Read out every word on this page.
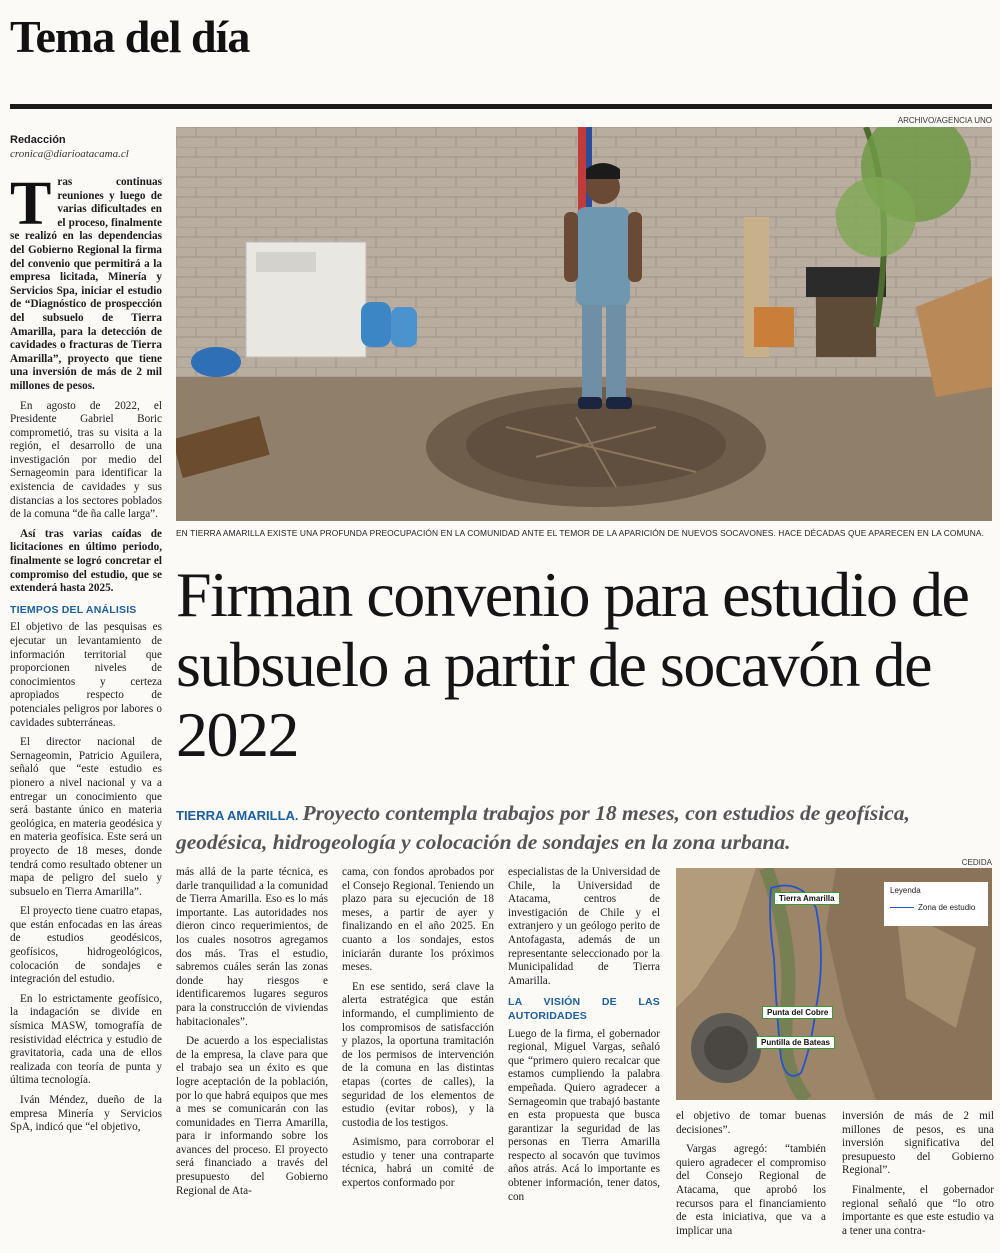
Tema del día
Redacción
cronica@diarioatacama.cl

Tras continuas reuniones y luego de varias dificultades en el proceso, finalmente se realizó en las dependencias del Gobierno Regional la firma del convenio que permitirá a la empresa licitada, Minería y Servicios Spa, iniciar el estudio de “Diagnóstico de prospección del subsuelo de Tierra Amarilla, para la detección de cavidades o fracturas de Tierra Amarilla”, proyecto que tiene una inversión de más de 2 mil millones de pesos.

En agosto de 2022, el Presidente Gabriel Boric comprometió, tras su visita a la región, el desarrollo de una investigación por medio del Sernageomin para identificar la existencia de cavidades y sus distancias a los sectores poblados de la comuna “de ña calle larga”.

Así tras varias caídas de licitaciones en último periodo, finalmente se logró concretar el compromiso del estudio, que se extenderá hasta 2025.

TIEMPOS DEL ANÁLISIS

El objetivo de las pesquisas es ejecutar un levantamiento de información territorial que proporcionen niveles de conocimientos y certeza apropiados respecto de potenciales peligros por labores o cavidades subterráneas.

El director nacional de Sernageomin, Patricio Aguilera, señaló que “este estudio es pionero a nivel nacional y va a entregar un conocimiento que será bastante único en materia geológica, en materia geodésica y en materia geofísica. Este será un proyecto de 18 meses, donde tendrá como resultado obtener un mapa de peligro del suelo y subsuelo en Tierra Amarilla”.

El proyecto tiene cuatro etapas, que están enfocadas en las áreas de estudios geodésicos, geofísicos, hidrogeológicos, colocación de sondajes e integración del estudio.

En lo estrictamente geofísico, la indagación se divide en sísmica MASW, tomografía de resistividad eléctrica y estudio de gravitatoria, cada una de ellos realizada con teoría de punta y última tecnología.

Iván Méndez, dueño de la empresa Minería y Servicios SpA, indicó que “el objetivo,

ARCHIVO/AGENCIA UNO
EN TIERRA AMARILLA EXISTE UNA PROFUNDA PREOCUPACIÓN EN LA COMUNIDAD ANTE EL TEMOR DE LA APARICIÓN DE NUEVOS SOCAVONES. HACE DÉCADAS QUE APARECEN EN LA COMUNA.
Firman convenio para estudio de subsuelo a partir de socavón de 2022
TIERRA AMARILLA. Proyecto contempla trabajos por 18 meses, con estudios de geofísica, geodésica, hidrogeología y colocación de sondajes en la zona urbana.

más allá de la parte técnica, es darle tranquilidad a la comunidad de Tierra Amarilla. Eso es lo más importante. Las autoridades nos dieron cinco requerimientos, de los cuales nosotros agregamos dos más. Tras el estudio, sabremos cuáles serán las zonas donde hay riesgos e identificaremos lugares seguros para la construcción de viviendas habitacionales”.

De acuerdo a los especialistas de la empresa, la clave para que el trabajo sea un éxito es que logre aceptación de la población, por lo que habrá equipos que mes a mes se comunicarán con las comunidades en Tierra Amarilla, para ir informando sobre los avances del proceso. El proyecto será financiado a través del presupuesto del Gobierno Regional de Ata-

cama, con fondos aprobados por el Consejo Regional. Teniendo un plazo para su ejecución de 18 meses, a partir de ayer y finalizando en el año 2025. En cuanto a los sondajes, estos iniciarán durante los próximos meses.

En ese sentido, será clave la alerta estratégica que están informando, el cumplimiento de los compromisos de satisfacción y plazos, la oportuna tramitación de los permisos de intervención de la comuna en las distintas etapas (cortes de calles), la seguridad de los elementos de estudio (evitar robos), y la custodia de los testigos.

Asimismo, para corroborar el estudio y tener una contraparte técnica, habrá un comité de expertos conformado por

especialistas de la Universidad de Chile, la Universidad de Atacama, centros de investigación de Chile y el extranjero y un geólogo perito de Antofagasta, además de un representante seleccionado por la Municipalidad de Tierra Amarilla.

LA VISIÓN DE LAS AUTORIDADES

Luego de la firma, el gobernador regional, Miguel Vargas, señaló que “primero quiero recalcar que estamos cumpliendo la palabra empeñada. Quiero agradecer a Sernageomin que trabajó bastante en esta propuesta que busca garantizar la seguridad de las personas en Tierra Amarilla respecto al socavón que tuvimos años atrás. Acá lo importante es obtener información, tener datos, con

CEDIDA
Leyenda
Zona de estudio
Tierra Amarilla
Punta del Cobre
Puntilla de Bateas

el objetivo de tomar buenas decisiones”.

Vargas agregó: “también quiero agradecer el compromiso del Consejo Regional de Atacama, que aprobó los recursos para el financiamiento de esta iniciativa, que va a implicar una

inversión de más de 2 mil millones de pesos, es una inversión significativa del presupuesto del Gobierno Regional”.

Finalmente, el gobernador regional señaló que “lo otro importante es que este estudio va a tener una contra-
